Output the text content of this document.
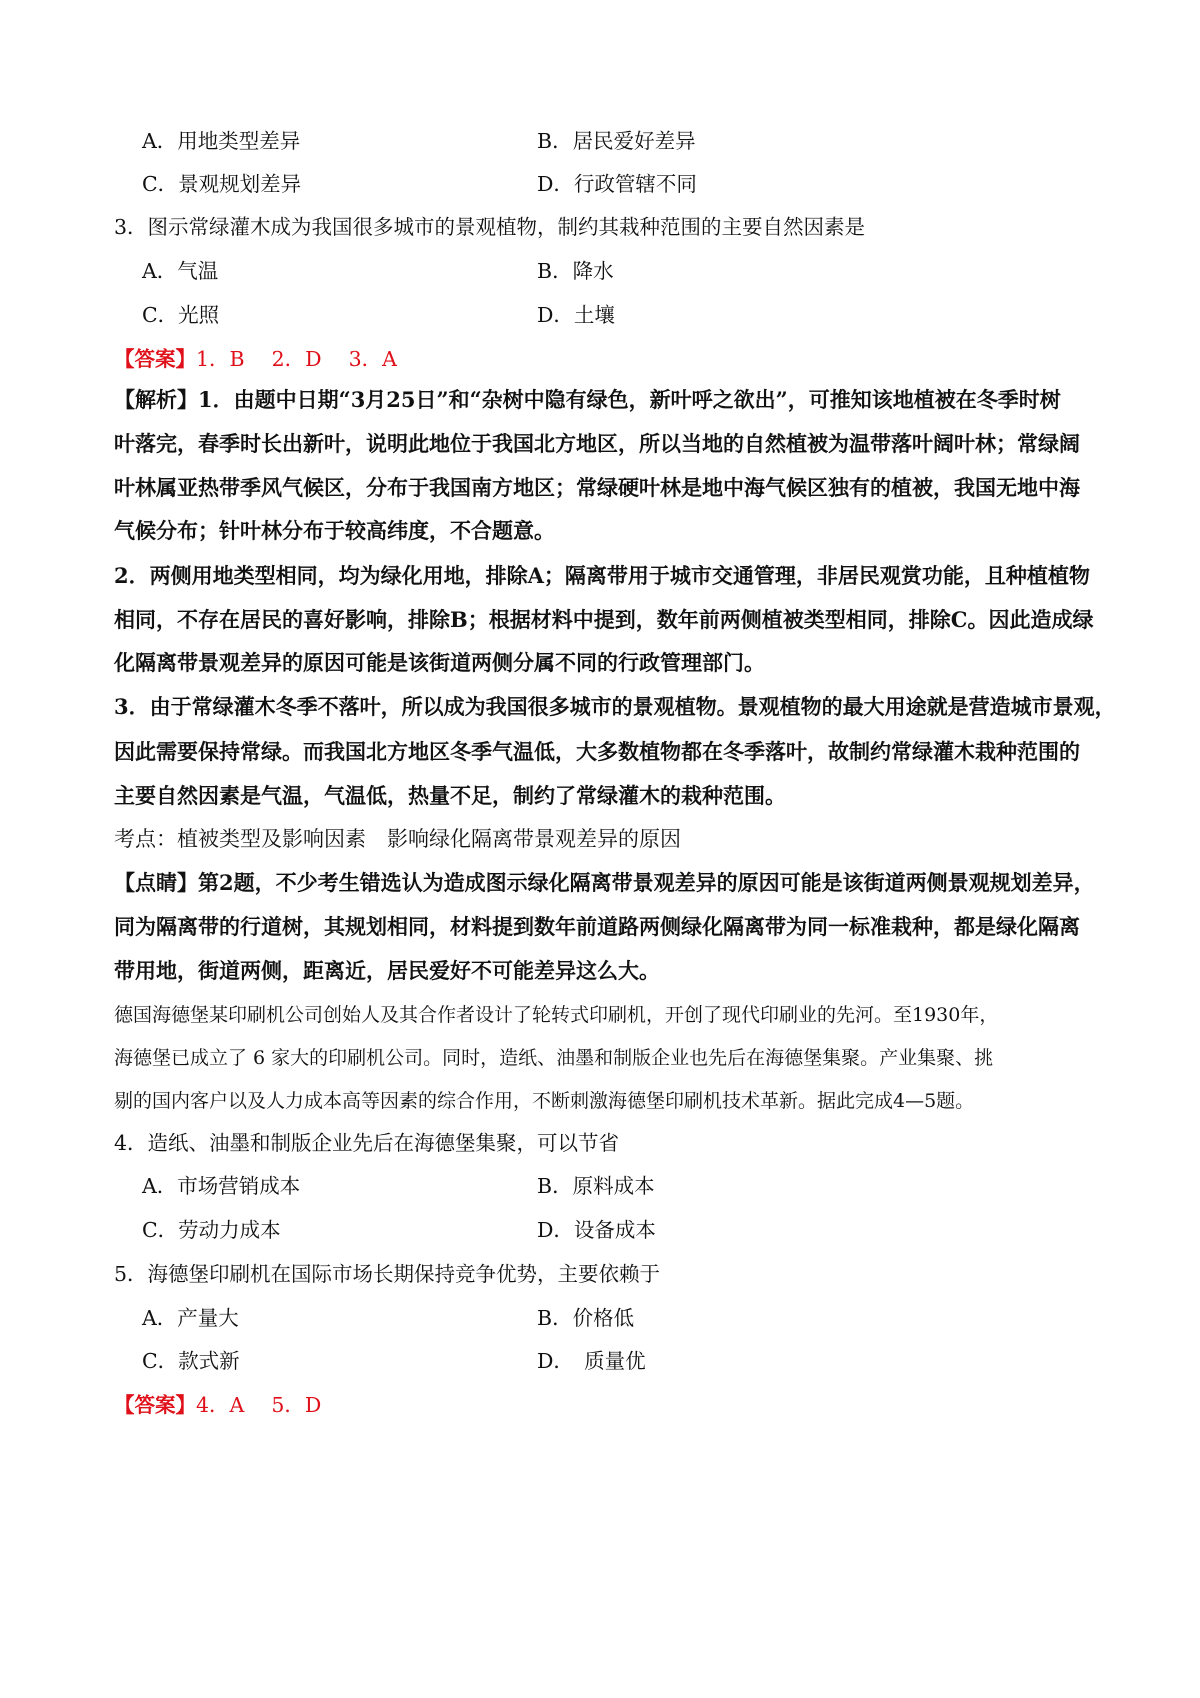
A．用地类型差异	B．居民爱好差异
C．景观规划差异	D．行政管辖不同
3．图示常绿灌木成为我国很多城市的景观植物，制约其栽种范围的主要自然因素是
A．气温	B．降水
C．光照	D．土壤
【答案】1．B　 2．D　 3．A
【解析】1．由题中日期“3月25日”和“杂树中隐有绿色，新叶呼之欲出”，可推知该地植被在冬季时树
叶落完，春季时长出新叶，说明此地位于我国北方地区，所以当地的自然植被为温带落叶阔叶林；常绿阔
叶林属亚热带季风气候区，分布于我国南方地区；常绿硬叶林是地中海气候区独有的植被，我国无地中海
气候分布；针叶林分布于较高纬度，不合题意。
2．两侧用地类型相同，均为绿化用地，排除A；隔离带用于城市交通管理，非居民观赏功能，且种植植物
相同，不存在居民的喜好影响，排除B；根据材料中提到，数年前两侧植被类型相同，排除C。因此造成绿
化隔离带景观差异的原因可能是该街道两侧分属不同的行政管理部门。
3．由于常绿灌木冬季不落叶，所以成为我国很多城市的景观植物。景观植物的最大用途就是营造城市景观，
因此需要保持常绿。而我国北方地区冬季气温低，大多数植物都在冬季落叶，故制约常绿灌木栽种范围的
主要自然因素是气温，气温低，热量不足，制约了常绿灌木的栽种范围。
考点：植被类型及影响因素　影响绿化隔离带景观差异的原因
【点睛】第2题，不少考生错选认为造成图示绿化隔离带景观差异的原因可能是该街道两侧景观规划差异，
同为隔离带的行道树，其规划相同，材料提到数年前道路两侧绿化隔离带为同一标准栽种，都是绿化隔离
带用地，街道两侧，距离近，居民爱好不可能差异这么大。
德国海德堡某印刷机公司创始人及其合作者设计了轮转式印刷机，开创了现代印刷业的先河。至1930年，
海德堡已成立了 6 家大的印刷机公司。同时，造纸、油墨和制版企业也先后在海德堡集聚。产业集聚、挑
剔的国内客户以及人力成本高等因素的综合作用，不断刺激海德堡印刷机技术革新。据此完成4—5题。
4．造纸、油墨和制版企业先后在海德堡集聚，可以节省
A．市场营销成本	B．原料成本
C．劳动力成本	D．设备成本
5．海德堡印刷机在国际市场长期保持竞争优势，主要依赖于
A．产量大	B．价格低
C．款式新	D．　质量优
【答案】4．A　 5．D
